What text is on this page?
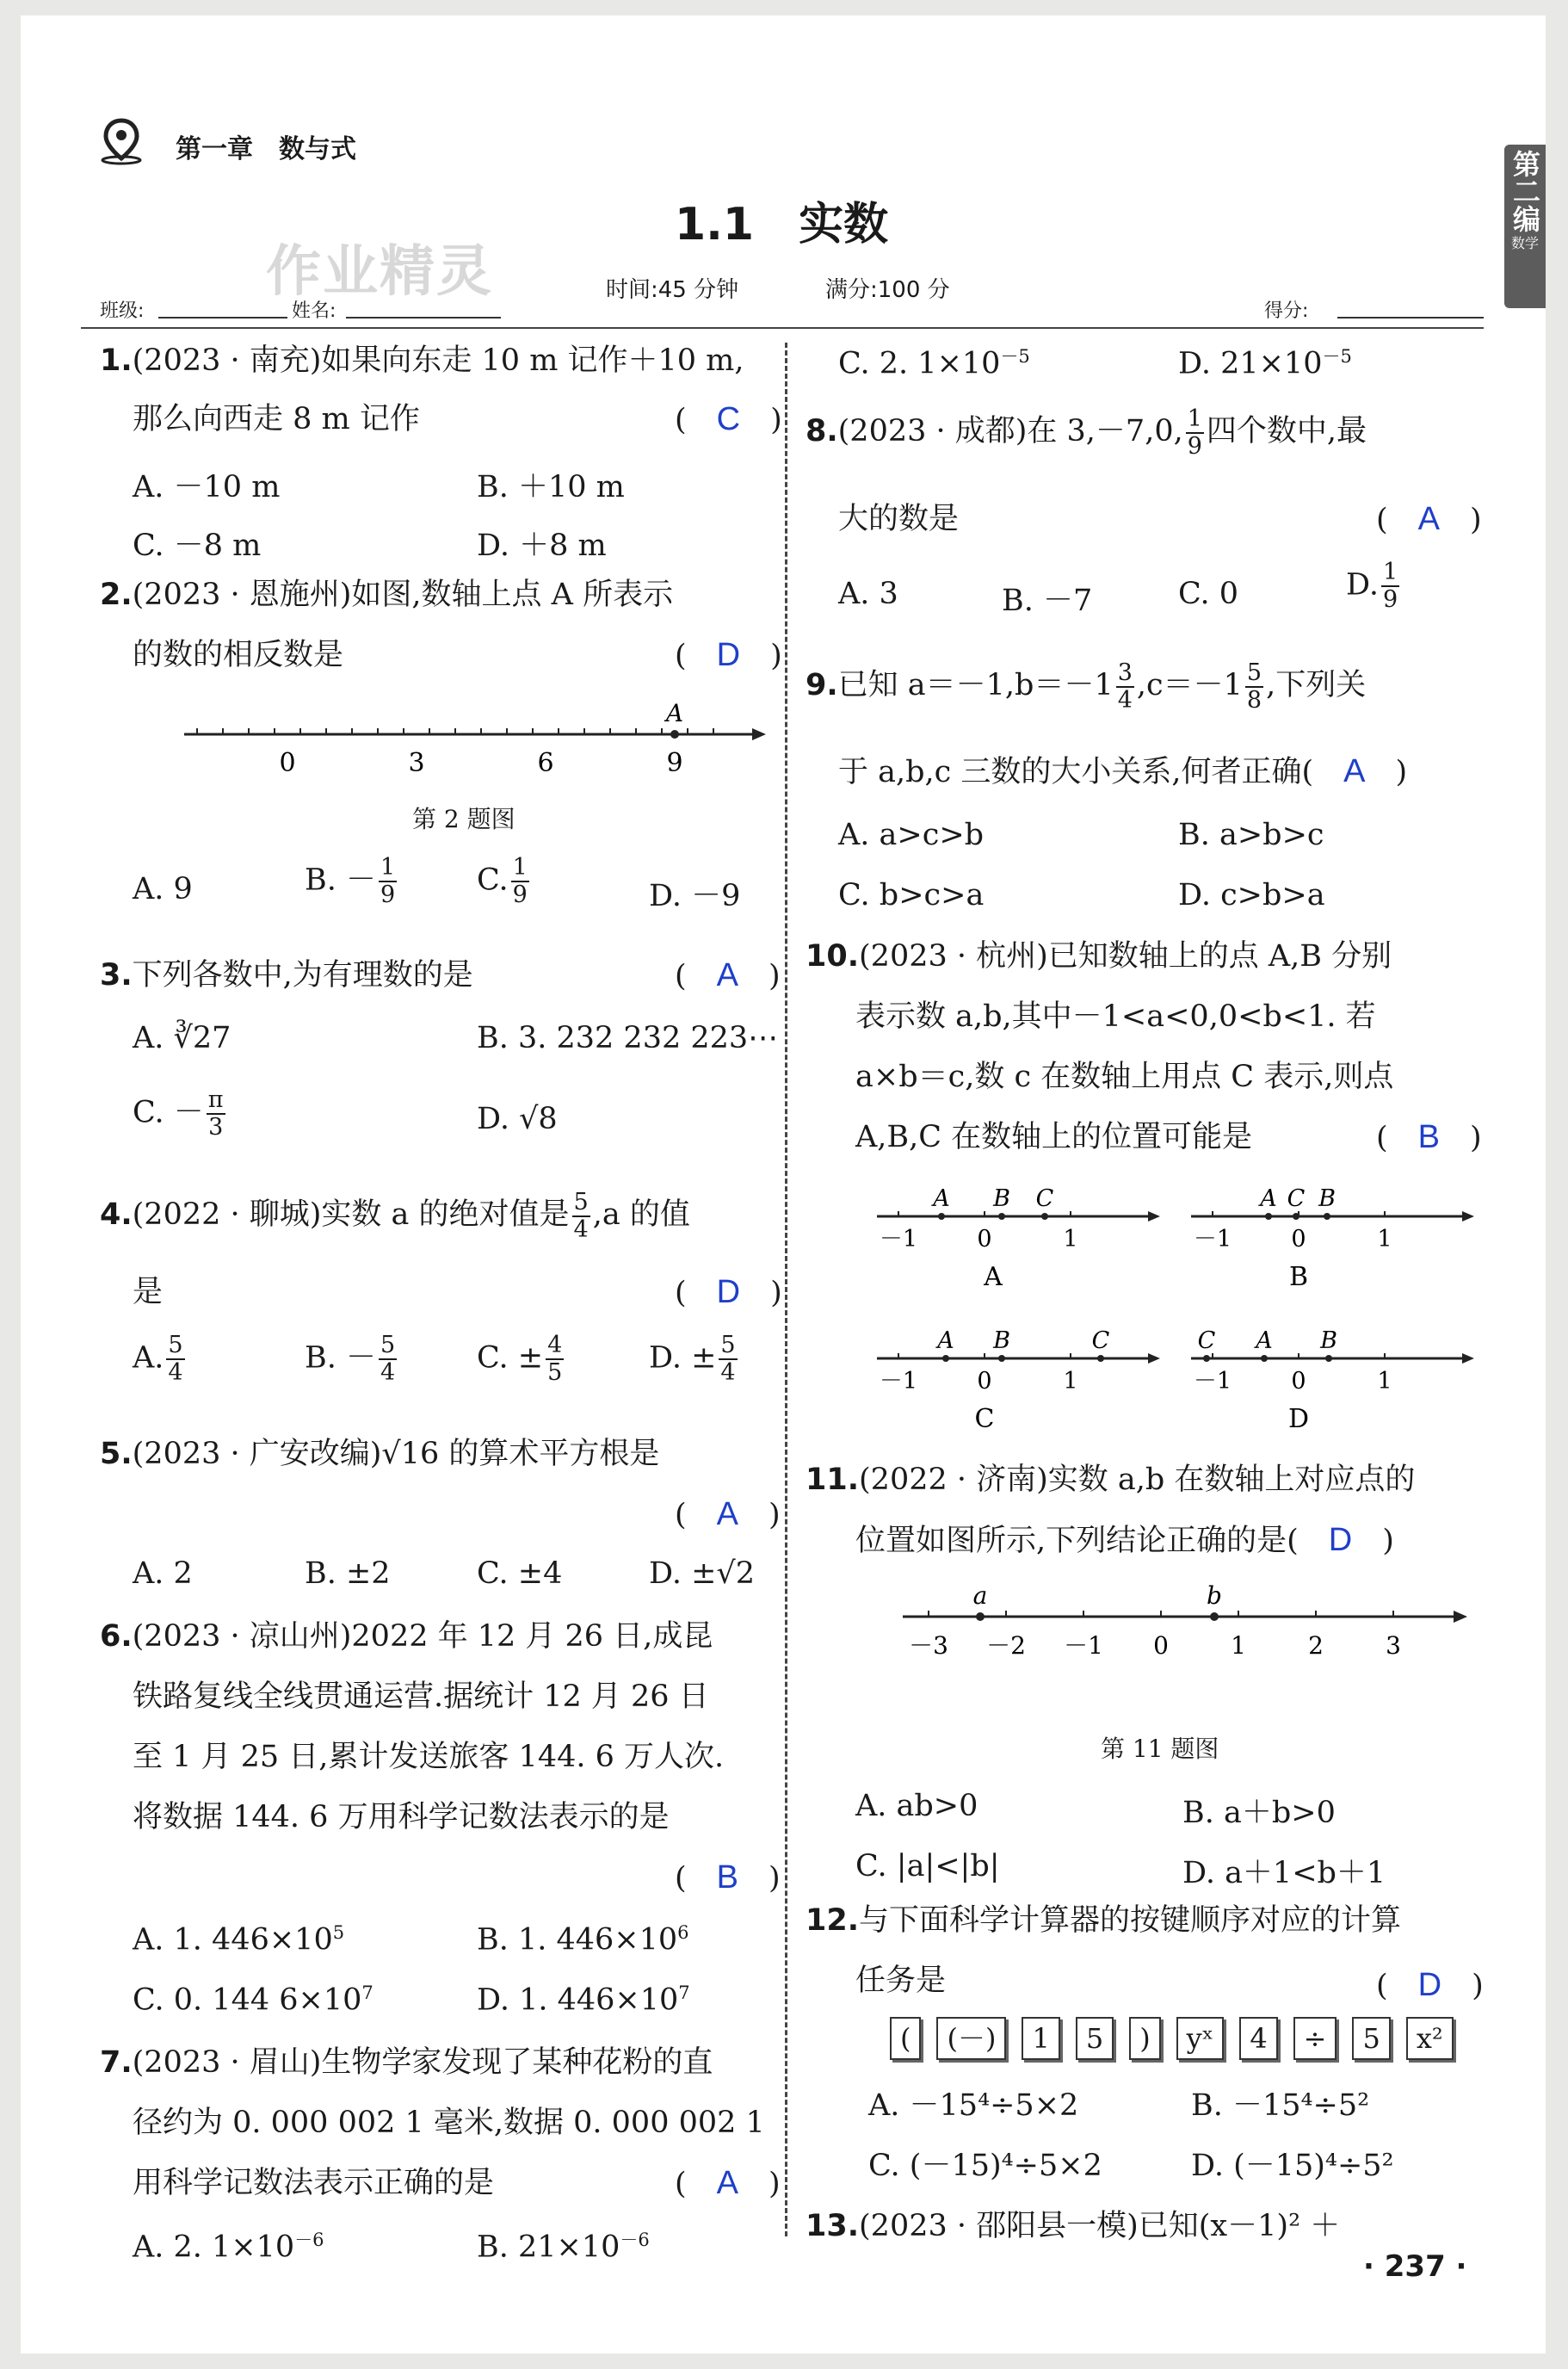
第一章　数与式
1.1　实数
作业精灵	时间:45 分钟	满分:100 分
班级:	姓名:	得分:
第二编
数学
1.(2023 · 南充)如果向东走 10 m 记作＋10 m,
那么向西走 8 m 记作	(　C　)
A. －10 m	B. ＋10 m
C. －8 m	D. ＋8 m
2.(2023 · 恩施州)如图,数轴上点 A 所表示
的数的相反数是	(　D　)
A
0	3	6	9
第 2 题图
A. 9	B. － $\frac{1}{9}$	C. $\frac{1}{9}$	D. －9
3.下列各数中,为有理数的是	(　A　)
A. ∛27	B. 3. 232 232 223⋯
C. － $\frac{\pi}{3}$	D. √8
4.(2022 · 聊城)实数 a 的绝对值是 $\frac{5}{4} ,a$ 的值
是	(　D　)
A. $\frac{5}{4}$	B. － $\frac{5}{4}$	C. ± $\frac{4}{5}$	D. ± $\frac{5}{4}$
5.(2023 · 广安改编)√16 的算术平方根是
(　A　)
A. 2	B. ±2	C. ±4	D. ±√2
6.(2023 · 凉山州)2022 年 12 月 26 日,成昆
铁路复线全线贯通运营.据统计 12 月 26 日
至 1 月 25 日,累计发送旅客 144. 6 万人次.
将数据 144. 6 万用科学记数法表示的是
(　B　)
A. 1. $446\times 10^5$	B. 1. $446\times 10^6$
C. 0. 144 $6\times 10^7$	D. 1. $446\times 10^7$
7.(2023 · 眉山)生物学家发现了某种花粉的直
径约为 0. 000 002 1 毫米,数据 0. 000 002 1
用科学记数法表示正确的是	(　A　)
A. 2. $1\times 10^{-6}$	B. $21\times 10^{-6}$
C. 2. $1\times 10^{-5}$	D. $21\times 10^{-5}$
8.(2023 · 成都)在 3,－7,0, $\frac{1}{9}$ 四个数中,最
大的数是	(　A　)
A. 3	B. －7	C. 0	D. $\frac{1}{9}$
9.已知 $a=-1,b=-1 \frac{3}{4} ,c=-1 \frac{5}{8}$ ,下列关
于 a,b,c 三数的大小关系,何者正确(　A　)
A. a>c>b	B. a>b>c
C. b>c>a	D. c>b>a
10.(2023 · 杭州)已知数轴上的点 A,B 分别
表示数 a,b,其中－1<a<0,0<b<1. 若
a×b＝c,数 c 在数轴上用点 C 表示,则点
A,B,C 在数轴上的位置可能是	(　B　)
A B C
－1	0	1
A
A C B
－1	0	1
B
A B	C
－1	0	1
C
C A B
－1	0	1
D
11.(2022 · 济南)实数 a,b 在数轴上对应点的
位置如图所示,下列结论正确的是(　D　)
a	b
－3 －2 －1 0	1	2	3
第 11 题图
A. ab>0	B. a＋b>0
C. |a|<|b|	D. a＋1<b＋1
12.与下面科学计算器的按键顺序对应的计算
任务是	(　D　)
( (－) 1 5 ) yˣ 4 ÷ 5 x²
A. －15⁴÷5×2	B. －15⁴÷5²
C. (－15)⁴÷5×2	D. (－15)⁴÷5²
13.(2023 · 邵阳县一模)已知(x－1)² ＋
· 237 ·
